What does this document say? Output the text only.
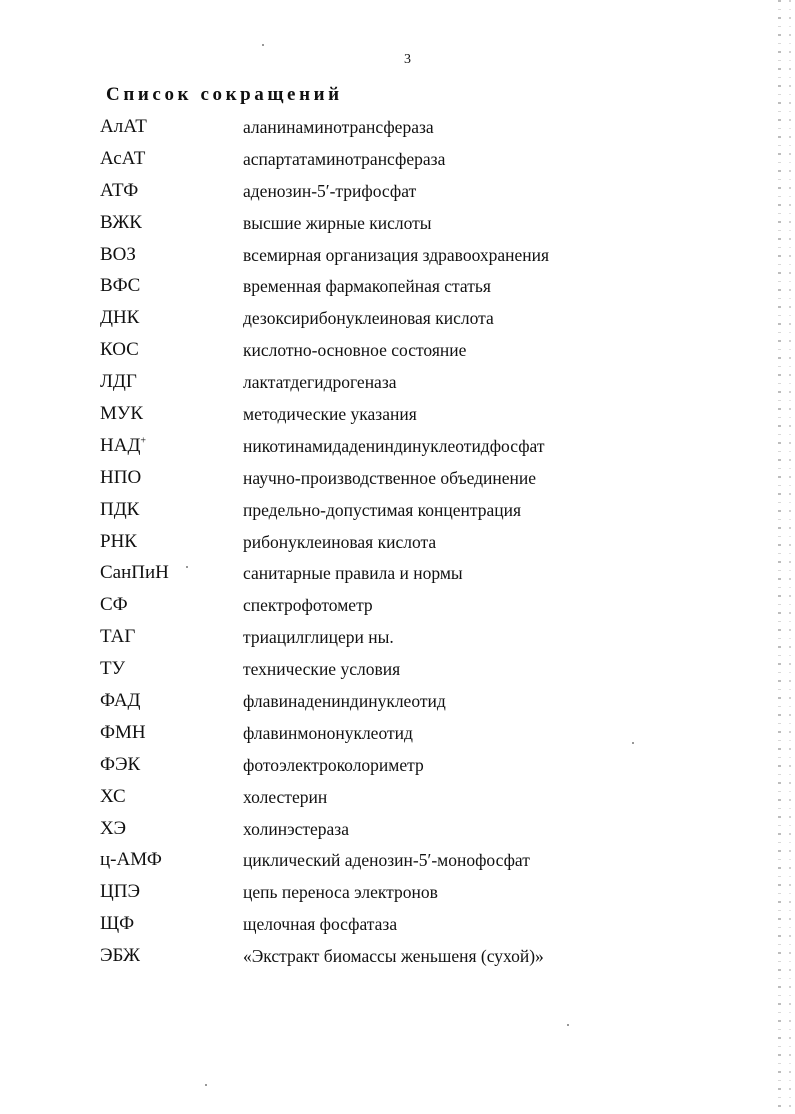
3
Список сокращений
АлАТ	аланинаминотрансфераза
АсАТ	аспартатаминотрансфераза
АТФ	аденозин-5′-трифосфат
ВЖК	высшие жирные кислоты
ВОЗ	всемирная организация здравоохранения
ВФС	временная фармакопейная статья
ДНК	дезоксирибонуклеиновая кислота
КОС	кислотно-основное состояние
ЛДГ	лактатдегидрогеназа
МУК	методические указания
НАД+	никотинамидадениндинуклеотидфосфат
НПО	научно-производственное объединение
ПДК	предельно-допустимая концентрация
РНК	рибонуклеиновая кислота
СанПиН	санитарные правила и нормы
СФ	спектрофотометр
ТАГ	триацилглицери ны.
ТУ	технические условия
ФАД	флавинадениндинуклеотид
ФМН	флавинмононуклеотид
ФЭК	фотоэлектроколориметр
ХС	холестерин
ХЭ	холинэстераза
ц-АМФ	циклический аденозин-5′-монофосфат
ЦПЭ	цепь переноса электронов
ЩФ	щелочная фосфатаза
ЭБЖ	«Экстракт биомассы женьшеня (сухой)»
